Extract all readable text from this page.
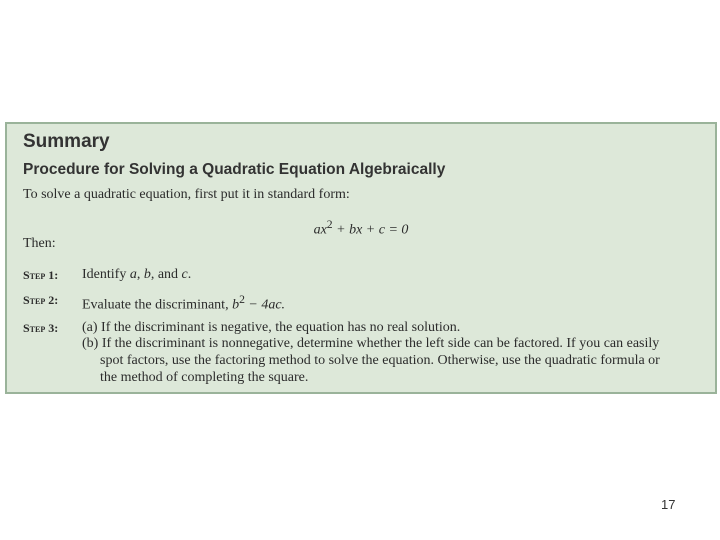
Summary
Procedure for Solving a Quadratic Equation Algebraically
To solve a quadratic equation, first put it in standard form:
$ax^2$ + bx + c = 0
Then:
Step 1: Identify a, b, and c.
Step 2: Evaluate the discriminant, $b^2 - 4ac$.
Step 3: (a) If the discriminant is negative, the equation has no real solution.
(b) If the discriminant is nonnegative, determine whether the left side can be factored. If you can easily
spot factors, use the factoring method to solve the equation. Otherwise, use the quadratic formula or
the method of completing the square.
17
